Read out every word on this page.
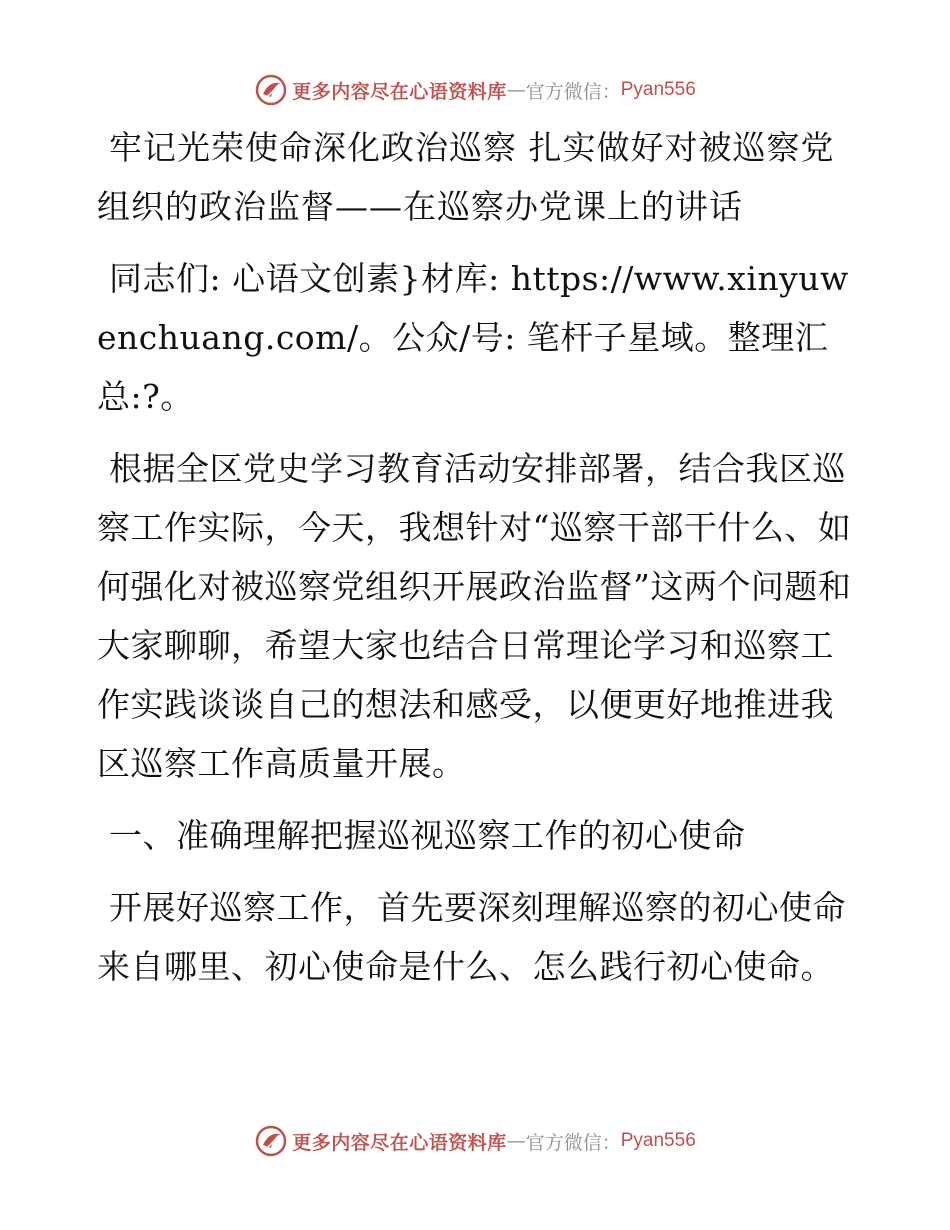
更多内容尽在心语资料库 — 官方微信： Pyan556

牢记光荣使命深化政治巡察 扎实做好对被巡察党组织的政治监督——在巡察办党课上的讲话

同志们: 心语文创素}材库: https://www.xinyuwenchuang.com/。公众/号: 笔杆子星域。整理汇总:?。

根据全区党史学习教育活动安排部署，结合我区巡察工作实际，今天，我想针对“巡察干部干什么、如何强化对被巡察党组织开展政治监督”这两个问题和大家聊聊，希望大家也结合日常理论学习和巡察工作实践谈谈自己的想法和感受，以便更好地推进我区巡察工作高质量开展。

一、准确理解把握巡视巡察工作的初心使命

开展好巡察工作，首先要深刻理解巡察的初心使命来自哪里、初心使命是什么、怎么践行初心使命。

更多内容尽在心语资料库 — 官方微信： Pyan556
